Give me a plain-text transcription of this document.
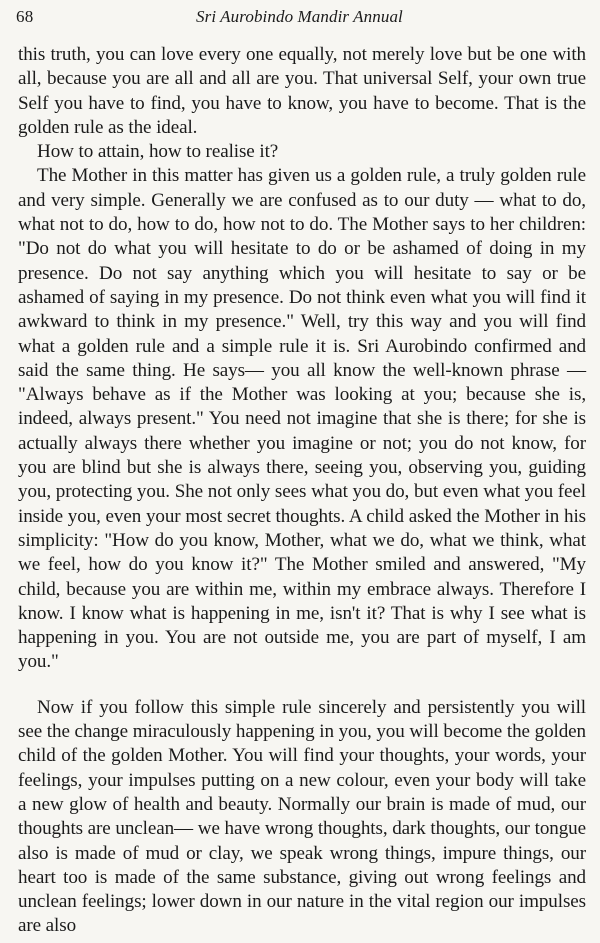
68	Sri Aurobindo Mandir Annual

this truth, you can love every one equally, not merely love but be one with all, because you are all and all are you. That universal Self, your own true Self you have to find, you have to know, you have to become. That is the golden rule as the ideal.

How to attain, how to realise it?

The Mother in this matter has given us a golden rule, a truly golden rule and very simple. Generally we are confused as to our duty — what to do, what not to do, how to do, how not to do. The Mother says to her children: "Do not do what you will hesitate to do or be ashamed of doing in my presence. Do not say anything which you will hesitate to say or be ashamed of saying in my presence. Do not think even what you will find it awkward to think in my presence." Well, try this way and you will find what a golden rule and a simple rule it is. Sri Aurobindo confirmed and said the same thing. He says— you all know the well-known phrase — "Always behave as if the Mother was looking at you; because she is, indeed, always present." You need not imagine that she is there; for she is actually always there whether you imagine or not; you do not know, for you are blind but she is always there, seeing you, observing you, guiding you, protecting you. She not only sees what you do, but even what you feel inside you, even your most secret thoughts. A child asked the Mother in his simplicity: "How do you know, Mother, what we do, what we think, what we feel, how do you know it?" The Mother smiled and answered, "My child, because you are within me, within my embrace always. Therefore I know. I know what is happening in me, isn't it? That is why I see what is happening in you. You are not outside me, you are part of myself, I am you."

Now if you follow this simple rule sincerely and persistently you will see the change miraculously happening in you, you will become the golden child of the golden Mother. You will find your thoughts, your words, your feelings, your impulses putting on a new colour, even your body will take a new glow of health and beauty. Normally our brain is made of mud, our thoughts are unclean— we have wrong thoughts, dark thoughts, our tongue also is made of mud or clay, we speak wrong things, impure things, our heart too is made of the same substance, giving out wrong feelings and unclean feelings; lower down in our nature in the vital region our impulses are also
